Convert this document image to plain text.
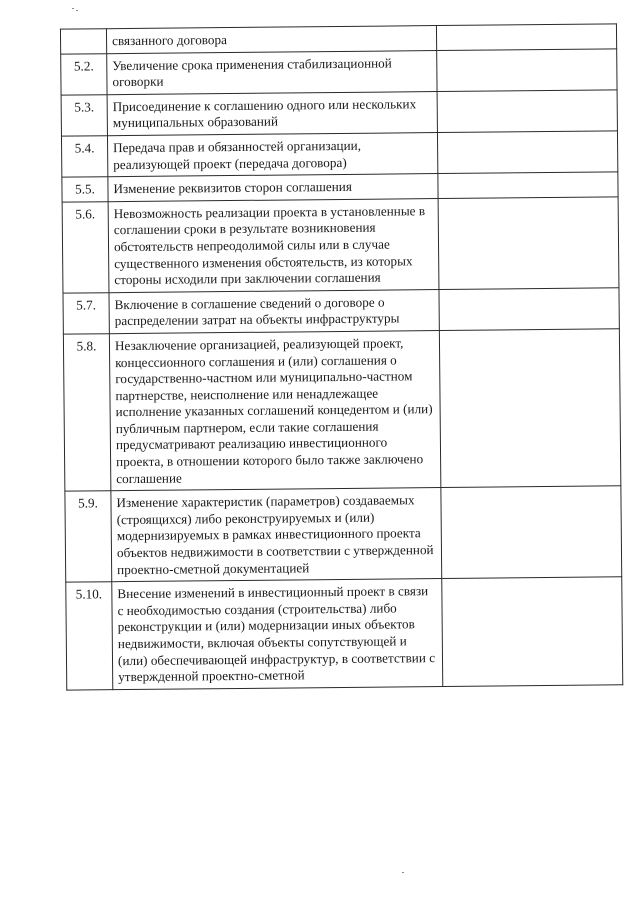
	связанного договора	
5.2.	Увеличение срока применения стабилизационной оговорки	
5.3.	Присоединение к соглашению одного или нескольких муниципальных образований	
5.4.	Передача прав и обязанностей организации, реализующей проект (передача договора)	
5.5.	Изменение реквизитов сторон соглашения	
5.6.	Невозможность реализации проекта в установленные в соглашении сроки в результате возникновения обстоятельств непреодолимой силы или в случае существенного изменения обстоятельств, из которых стороны исходили при заключении соглашения	
5.7.	Включение в соглашение сведений о договоре о распределении затрат на объекты инфраструктуры	
5.8.	Незаключение организацией, реализующей проект, концессионного соглашения и (или) соглашения о государственно-частном или муниципально-частном партнерстве, неисполнение или ненадлежащее исполнение указанных соглашений концедентом и (или) публичным партнером, если такие соглашения предусматривают реализацию инвестиционного проекта, в отношении которого было также заключено соглашение	
5.9.	Изменение характеристик (параметров) создаваемых (строящихся) либо реконструируемых и (или) модернизируемых в рамках инвестиционного проекта объектов недвижимости в соответствии с утвержденной проектно-сметной документацией	
5.10.	Внесение изменений в инвестиционный проект в связи с необходимостью создания (строительства) либо реконструкции и (или) модернизации иных объектов недвижимости, включая объекты сопутствующей и (или) обеспечивающей инфраструктур, в соответствии с утвержденной проектно-сметной	
